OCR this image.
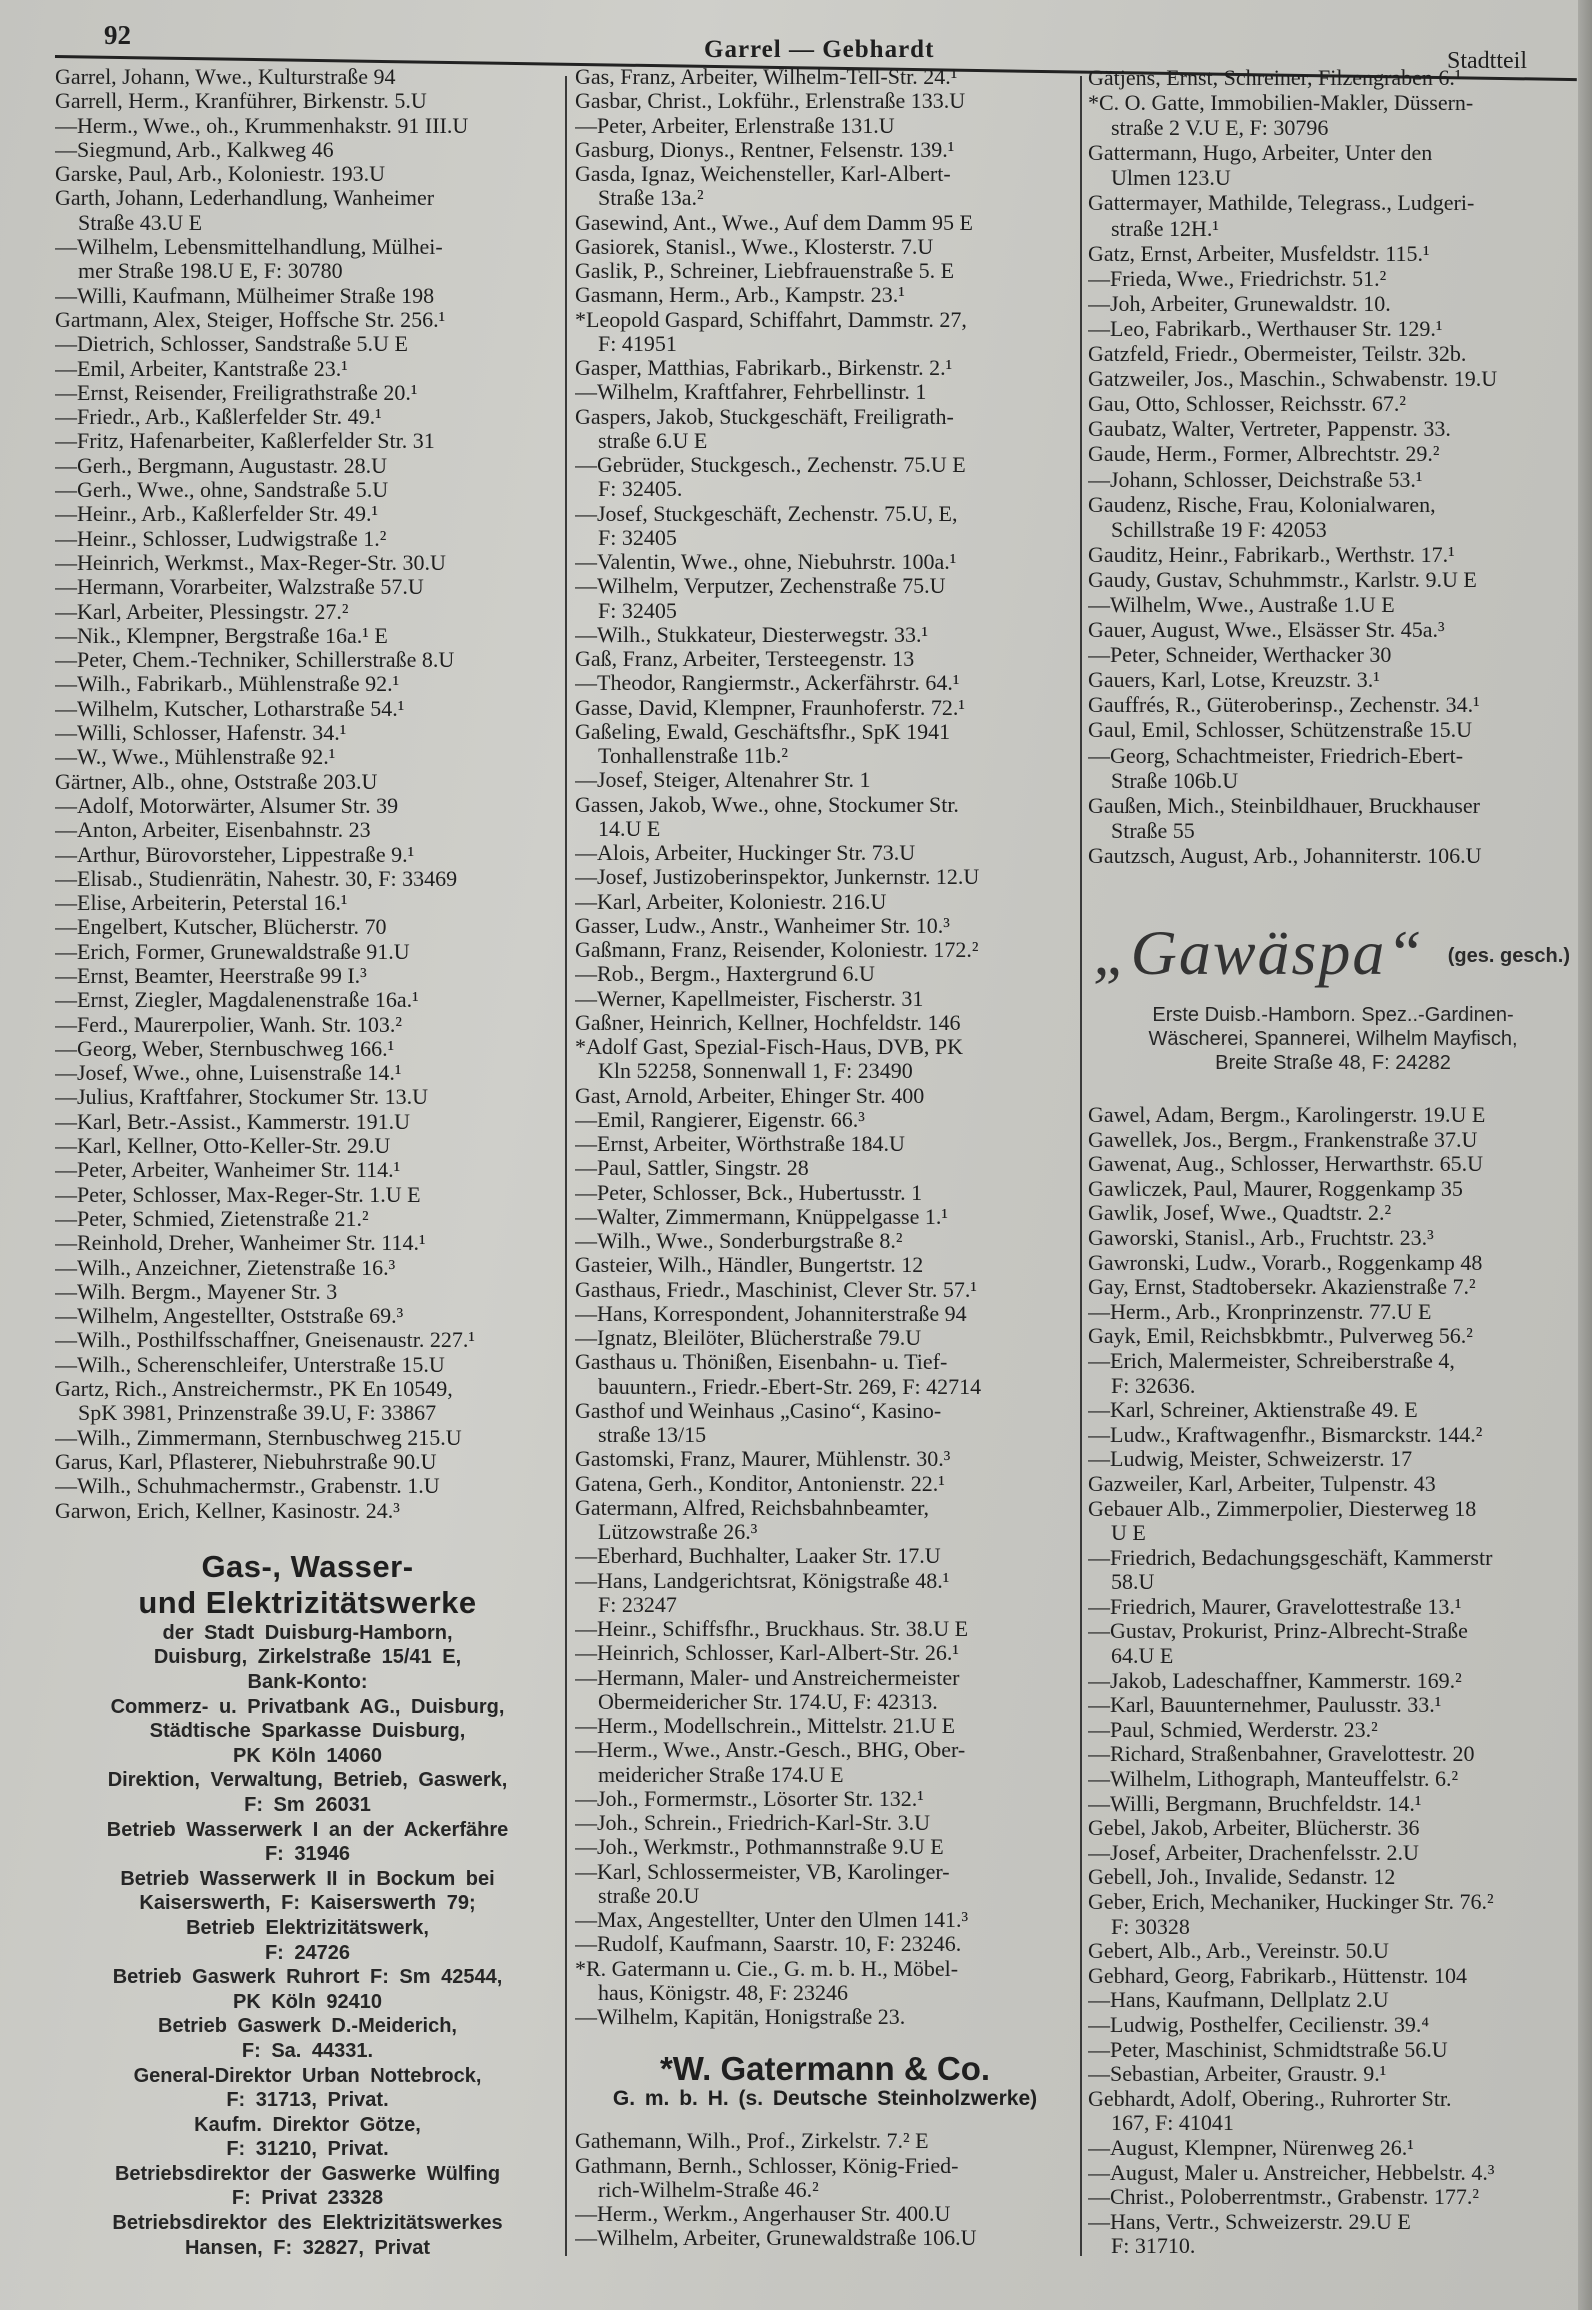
92	Garrel — Gebhardt	Stadtteil
Garrel, Johann, Wwe., Kulturstraße 94
Garrell, Herm., Kranführer, Birkenstr. 5.U
—Herm., Wwe., oh., Krummenhakstr. 91 III.U
—Siegmund, Arb., Kalkweg 46
Garske, Paul, Arb., Koloniestr. 193.U
Garth, Johann, Lederhandlung, Wanheimer
Straße 43.U E
—Wilhelm, Lebensmittelhandlung, Mülhei-
mer Straße 198.U E, F: 30780
—Willi, Kaufmann, Mülheimer Straße 198
Gartmann, Alex, Steiger, Hoffsche Str. 256.¹
—Dietrich, Schlosser, Sandstraße 5.U E
—Emil, Arbeiter, Kantstraße 23.¹
—Ernst, Reisender, Freiligrathstraße 20.¹
—Friedr., Arb., Kaßlerfelder Str. 49.¹
—Fritz, Hafenarbeiter, Kaßlerfelder Str. 31
—Gerh., Bergmann, Augustastr. 28.U
—Gerh., Wwe., ohne, Sandstraße 5.U
—Heinr., Arb., Kaßlerfelder Str. 49.¹
—Heinr., Schlosser, Ludwigstraße 1.²
—Heinrich, Werkmst., Max-Reger-Str. 30.U
—Hermann, Vorarbeiter, Walzstraße 57.U
—Karl, Arbeiter, Plessingstr. 27.²
—Nik., Klempner, Bergstraße 16a.¹ E
—Peter, Chem.-Techniker, Schillerstraße 8.U
—Wilh., Fabrikarb., Mühlenstraße 92.¹
—Wilhelm, Kutscher, Lotharstraße 54.¹
—Willi, Schlosser, Hafenstr. 34.¹
—W., Wwe., Mühlenstraße 92.¹
Gärtner, Alb., ohne, Oststraße 203.U
—Adolf, Motorwärter, Alsumer Str. 39
—Anton, Arbeiter, Eisenbahnstr. 23
—Arthur, Bürovorsteher, Lippestraße 9.¹
—Elisab., Studienrätin, Nahestr. 30, F: 33469
—Elise, Arbeiterin, Peterstal 16.¹
—Engelbert, Kutscher, Blücherstr. 70
—Erich, Former, Grunewaldstraße 91.U
—Ernst, Beamter, Heerstraße 99 I.³
—Ernst, Ziegler, Magdalenenstraße 16a.¹
—Ferd., Maurerpolier, Wanh. Str. 103.²
—Georg, Weber, Sternbuschweg 166.¹
—Josef, Wwe., ohne, Luisenstraße 14.¹
—Julius, Kraftfahrer, Stockumer Str. 13.U
—Karl, Betr.-Assist., Kammerstr. 191.U
—Karl, Kellner, Otto-Keller-Str. 29.U
—Peter, Arbeiter, Wanheimer Str. 114.¹
—Peter, Schlosser, Max-Reger-Str. 1.U E
—Peter, Schmied, Zietenstraße 21.²
—Reinhold, Dreher, Wanheimer Str. 114.¹
—Wilh., Anzeichner, Zietenstraße 16.³
—Wilh. Bergm., Mayener Str. 3
—Wilhelm, Angestellter, Oststraße 69.³
—Wilh., Posthilfsschaffner, Gneisenaustr. 227.¹
—Wilh., Scherenschleifer, Unterstraße 15.U
Gartz, Rich., Anstreichermstr., PK En 10549,
SpK 3981, Prinzenstraße 39.U, F: 33867
—Wilh., Zimmermann, Sternbuschweg 215.U
Garus, Karl, Pflasterer, Niebuhrstraße 90.U
—Wilh., Schuhmachermstr., Grabenstr. 1.U
Garwon, Erich, Kellner, Kasinostr. 24.³
Gas-, Wasser-
und Elektrizitätswerke
der Stadt Duisburg-Hamborn,
Duisburg, Zirkelstraße 15/41 E,
Bank-Konto:
Commerz- u. Privatbank AG., Duisburg,
Städtische Sparkasse Duisburg,
PK Köln 14060
Direktion, Verwaltung, Betrieb, Gaswerk,
F: Sm 26031
Betrieb Wasserwerk I an der Ackerfähre
F: 31946
Betrieb Wasserwerk II in Bockum bei
Kaiserswerth, F: Kaiserswerth 79;
Betrieb Elektrizitätswerk,
F: 24726
Betrieb Gaswerk Ruhrort F: Sm 42544,
PK Köln 92410
Betrieb Gaswerk D.-Meiderich,
F: Sa. 44331.
General-Direktor Urban Nottebrock,
F: 31713, Privat.
Kaufm. Direktor Götze,
F: 31210, Privat.
Betriebsdirektor der Gaswerke Wülfing
F: Privat 23328
Betriebsdirektor des Elektrizitätswerkes
Hansen, F: 32827, Privat
Gas, Franz, Arbeiter, Wilhelm-Tell-Str. 24.¹
Gasbar, Christ., Lokführ., Erlenstraße 133.U
—Peter, Arbeiter, Erlenstraße 131.U
Gasburg, Dionys., Rentner, Felsenstr. 139.¹
Gasda, Ignaz, Weichensteller, Karl-Albert-
Straße 13a.²
Gasewind, Ant., Wwe., Auf dem Damm 95 E
Gasiorek, Stanisl., Wwe., Klosterstr. 7.U
Gaslik, P., Schreiner, Liebfrauenstraße 5. E
Gasmann, Herm., Arb., Kampstr. 23.¹
*Leopold Gaspard, Schiffahrt, Dammstr. 27,
F: 41951
Gasper, Matthias, Fabrikarb., Birkenstr. 2.¹
—Wilhelm, Kraftfahrer, Fehrbellinstr. 1
Gaspers, Jakob, Stuckgeschäft, Freiligrath-
straße 6.U E
—Gebrüder, Stuckgesch., Zechenstr. 75.U E
F: 32405.
—Josef, Stuckgeschäft, Zechenstr. 75.U, E,
F: 32405
—Valentin, Wwe., ohne, Niebuhrstr. 100a.¹
—Wilhelm, Verputzer, Zechenstraße 75.U
F: 32405
—Wilh., Stukkateur, Diesterwegstr. 33.¹
Gaß, Franz, Arbeiter, Tersteegenstr. 13
—Theodor, Rangiermstr., Ackerfährstr. 64.¹
Gasse, David, Klempner, Fraunhoferstr. 72.¹
Gaßeling, Ewald, Geschäftsfhr., SpK 1941
Tonhallenstraße 11b.²
—Josef, Steiger, Altenahrer Str. 1
Gassen, Jakob, Wwe., ohne, Stockumer Str.
14.U E
—Alois, Arbeiter, Huckinger Str. 73.U
—Josef, Justizoberinspektor, Junkernstr. 12.U
—Karl, Arbeiter, Koloniestr. 216.U
Gasser, Ludw., Anstr., Wanheimer Str. 10.³
Gaßmann, Franz, Reisender, Koloniestr. 172.²
—Rob., Bergm., Haxtergrund 6.U
—Werner, Kapellmeister, Fischerstr. 31
Gaßner, Heinrich, Kellner, Hochfeldstr. 146
*Adolf Gast, Spezial-Fisch-Haus, DVB, PK
Kln 52258, Sonnenwall 1, F: 23490
Gast, Arnold, Arbeiter, Ehinger Str. 400
—Emil, Rangierer, Eigenstr. 66.³
—Ernst, Arbeiter, Wörthstraße 184.U
—Paul, Sattler, Singstr. 28
—Peter, Schlosser, Bck., Hubertusstr. 1
—Walter, Zimmermann, Knüppelgasse 1.¹
—Wilh., Wwe., Sonderburgstraße 8.²
Gasteier, Wilh., Händler, Bungertstr. 12
Gasthaus, Friedr., Maschinist, Clever Str. 57.¹
—Hans, Korrespondent, Johanniterstraße 94
—Ignatz, Bleilöter, Blücherstraße 79.U
Gasthaus u. Thönißen, Eisenbahn- u. Tief-
bauuntern., Friedr.-Ebert-Str. 269, F: 42714
Gasthof und Weinhaus „Casino“, Kasino-
straße 13/15
Gastomski, Franz, Maurer, Mühlenstr. 30.³
Gatena, Gerh., Konditor, Antonienstr. 22.¹
Gatermann, Alfred, Reichsbahnbeamter,
Lützowstraße 26.³
—Eberhard, Buchhalter, Laaker Str. 17.U
—Hans, Landgerichtsrat, Königstraße 48.¹
F: 23247
—Heinr., Schiffsfhr., Bruckhaus. Str. 38.U E
—Heinrich, Schlosser, Karl-Albert-Str. 26.¹
—Hermann, Maler- und Anstreichermeister
Obermeidericher Str. 174.U, F: 42313.
—Herm., Modellschrein., Mittelstr. 21.U E
—Herm., Wwe., Anstr.-Gesch., BHG, Ober-
meidericher Straße 174.U E
—Joh., Formermstr., Lösorter Str. 132.¹
—Joh., Schrein., Friedrich-Karl-Str. 3.U
—Joh., Werkmstr., Pothmannstraße 9.U E
—Karl, Schlossermeister, VB, Karolinger-
straße 20.U
—Max, Angestellter, Unter den Ulmen 141.³
—Rudolf, Kaufmann, Saarstr. 10, F: 23246.
*R. Gatermann u. Cie., G. m. b. H., Möbel-
haus, Königstr. 48, F: 23246
—Wilhelm, Kapitän, Honigstraße 23.
*W. Gatermann & Co.
G. m. b. H. (s. Deutsche Steinholzwerke)
Gathemann, Wilh., Prof., Zirkelstr. 7.² E
Gathmann, Bernh., Schlosser, König-Fried-
rich-Wilhelm-Straße 46.²
—Herm., Werkm., Angerhauser Str. 400.U
—Wilhelm, Arbeiter, Grunewaldstraße 106.U
Gätjens, Ernst, Schreiner, Filzengraben 6.¹
*C. O. Gatte, Immobilien-Makler, Düssern-
straße 2 V.U E, F: 30796
Gattermann, Hugo, Arbeiter, Unter den
Ulmen 123.U
Gattermayer, Mathilde, Telegrass., Ludgeri-
straße 12H.¹
Gatz, Ernst, Arbeiter, Musfeldstr. 115.¹
—Frieda, Wwe., Friedrichstr. 51.²
—Joh, Arbeiter, Grunewaldstr. 10.
—Leo, Fabrikarb., Werthauser Str. 129.¹
Gatzfeld, Friedr., Obermeister, Teilstr. 32b.
Gatzweiler, Jos., Maschin., Schwabenstr. 19.U
Gau, Otto, Schlosser, Reichsstr. 67.²
Gaubatz, Walter, Vertreter, Pappenstr. 33.
Gaude, Herm., Former, Albrechtstr. 29.²
—Johann, Schlosser, Deichstraße 53.¹
Gaudenz, Rische, Frau, Kolonialwaren,
Schillstraße 19 F: 42053
Gauditz, Heinr., Fabrikarb., Werthstr. 17.¹
Gaudy, Gustav, Schuhmmstr., Karlstr. 9.U E
—Wilhelm, Wwe., Austraße 1.U E
Gauer, August, Wwe., Elsässer Str. 45a.³
—Peter, Schneider, Werthacker 30
Gauers, Karl, Lotse, Kreuzstr. 3.¹
Gauffrés, R., Güteroberinsp., Zechenstr. 34.¹
Gaul, Emil, Schlosser, Schützenstraße 15.U
—Georg, Schachtmeister, Friedrich-Ebert-
Straße 106b.U
Gaußen, Mich., Steinbildhauer, Bruckhauser
Straße 55
Gautzsch, August, Arb., Johanniterstr. 106.U
„Gawäspa“ (ges. gesch.)
Erste Duisb.-Hamborn. Spez..-Gardinen-
Wäscherei, Spannerei, Wilhelm Mayfisch,
Breite Straße 48, F: 24282
Gawel, Adam, Bergm., Karolingerstr. 19.U E
Gawellek, Jos., Bergm., Frankenstraße 37.U
Gawenat, Aug., Schlosser, Herwarthstr. 65.U
Gawliczek, Paul, Maurer, Roggenkamp 35
Gawlik, Josef, Wwe., Quadtstr. 2.²
Gaworski, Stanisl., Arb., Fruchtstr. 23.³
Gawronski, Ludw., Vorarb., Roggenkamp 48
Gay, Ernst, Stadtobersekr. Akazienstraße 7.²
—Herm., Arb., Kronprinzenstr. 77.U E
Gayk, Emil, Reichsbkbmtr., Pulverweg 56.²
—Erich, Malermeister, Schreiberstraße 4,
F: 32636.
—Karl, Schreiner, Aktienstraße 49. E
—Ludw., Kraftwagenfhr., Bismarckstr. 144.²
—Ludwig, Meister, Schweizerstr. 17
Gazweiler, Karl, Arbeiter, Tulpenstr. 43
Gebauer Alb., Zimmerpolier, Diesterweg 18
U E
—Friedrich, Bedachungsgeschäft, Kammerstr
58.U
—Friedrich, Maurer, Gravelottestraße 13.¹
—Gustav, Prokurist, Prinz-Albrecht-Straße
64.U E
—Jakob, Ladeschaffner, Kammerstr. 169.²
—Karl, Bauunternehmer, Paulusstr. 33.¹
—Paul, Schmied, Werderstr. 23.²
—Richard, Straßenbahner, Gravelottestr. 20
—Wilhelm, Lithograph, Manteuffelstr. 6.²
—Willi, Bergmann, Bruchfeldstr. 14.¹
Gebel, Jakob, Arbeiter, Blücherstr. 36
—Josef, Arbeiter, Drachenfelsstr. 2.U
Gebell, Joh., Invalide, Sedanstr. 12
Geber, Erich, Mechaniker, Huckinger Str. 76.²
F: 30328
Gebert, Alb., Arb., Vereinstr. 50.U
Gebhard, Georg, Fabrikarb., Hüttenstr. 104
—Hans, Kaufmann, Dellplatz 2.U
—Ludwig, Posthelfer, Cecilienstr. 39.⁴
—Peter, Maschinist, Schmidtstraße 56.U
—Sebastian, Arbeiter, Graustr. 9.¹
Gebhardt, Adolf, Obering., Ruhrorter Str.
167, F: 41041
—August, Klempner, Nürenweg 26.¹
—August, Maler u. Anstreicher, Hebbelstr. 4.³
—Christ., Poloberrentmstr., Grabenstr. 177.²
—Hans, Vertr., Schweizerstr. 29.U E
F: 31710.
